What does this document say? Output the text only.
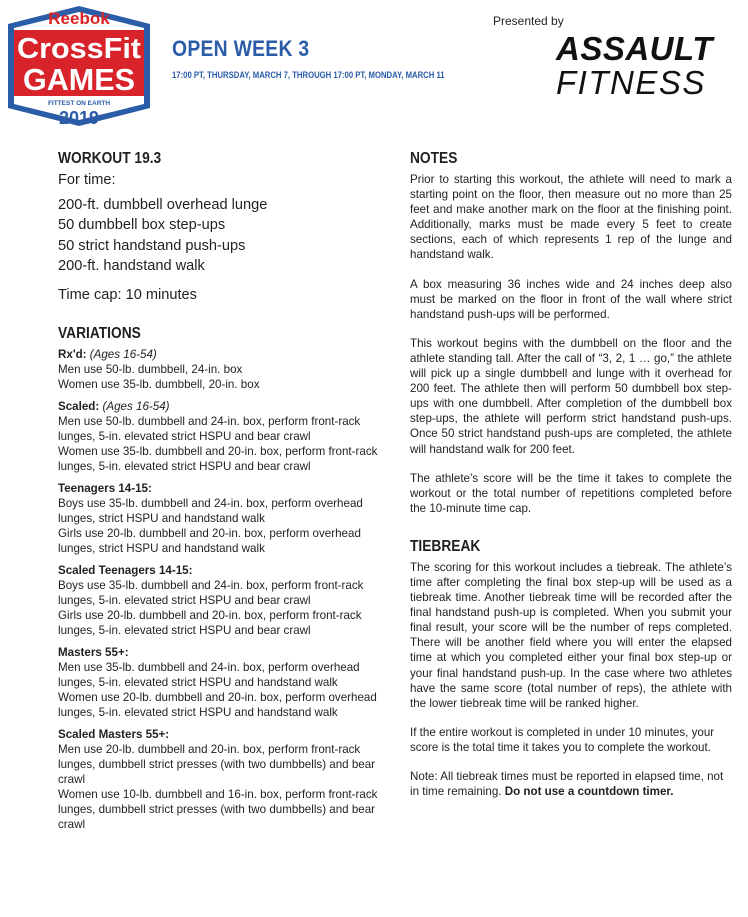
Reebok
CrossFit
GAMES
FITTEST ON EARTH
2019
OPEN WEEK 3
17:00 PT, THURSDAY, MARCH 7, THROUGH 17:00 PT, MONDAY, MARCH 11
Presented by
ASSAULT
FITNESS
WORKOUT 19.3
For time:
200-ft. dumbbell overhead lunge
50 dumbbell box step-ups
50 strict handstand push-ups
200-ft. handstand walk
Time cap: 10 minutes
VARIATIONS
Rx'd: (Ages 16-54)
Men use 50-lb. dumbbell, 24-in. box
Women use 35-lb. dumbbell, 20-in. box
Scaled: (Ages 16-54)
Men use 50-lb. dumbbell and 24-in. box, perform front-rack lunges, 5-in. elevated strict HSPU and bear crawl
Women use 35-lb. dumbbell and 20-in. box, perform front-rack lunges, 5-in. elevated strict HSPU and bear crawl
Teenagers 14-15:
Boys use 35-lb. dumbbell and 24-in. box, perform overhead lunges, strict HSPU and handstand walk
Girls use 20-lb. dumbbell and 20-in. box, perform overhead lunges, strict HSPU and handstand walk
Scaled Teenagers 14-15:
Boys use 35-lb. dumbbell and 24-in. box, perform front-rack lunges, 5-in. elevated strict HSPU and bear crawl
Girls use 20-lb. dumbbell and 20-in. box, perform front-rack lunges, 5-in. elevated strict HSPU and bear crawl
Masters 55+:
Men use 35-lb. dumbbell and 24-in. box, perform overhead lunges, 5-in. elevated strict HSPU and handstand walk
Women use 20-lb. dumbbell and 20-in. box, perform overhead lunges, 5-in. elevated strict HSPU and handstand walk
Scaled Masters 55+:
Men use 20-lb. dumbbell and 20-in. box, perform front-rack lunges, dumbbell strict presses (with two dumbbells) and bear crawl
Women use 10-lb. dumbbell and 16-in. box, perform front-rack lunges, dumbbell strict presses (with two dumbbells) and bear crawl
NOTES

Prior to starting this workout, the athlete will need to mark a starting point on the floor, then measure out no more than 25 feet and make another mark on the floor at the finishing point. Additionally, marks must be made every 5 feet to create sections, each of which represents 1 rep of the lunge and handstand walk.

A box measuring 36 inches wide and 24 inches deep also must be marked on the floor in front of the wall where strict handstand push-ups will be performed.

This workout begins with the dumbbell on the floor and the athlete standing tall. After the call of “3, 2, 1 … go,” the athlete will pick up a single dumbbell and lunge with it overhead for 200 feet. The athlete then will perform 50 dumbbell box step-ups with one dumbbell. After completion of the dumbbell box step-ups, the athlete will perform strict handstand push-ups. Once 50 strict handstand push-ups are completed, the athlete will handstand walk for 200 feet.

The athlete’s score will be the time it takes to complete the workout or the total number of repetitions completed before the 10-minute time cap.

TIEBREAK

The scoring for this workout includes a tiebreak. The athlete’s time after completing the final box step-up will be used as a tiebreak time. Another tiebreak time will be recorded after the final handstand push-up is completed. When you submit your final result, your score will be the number of reps completed. There will be another field where you will enter the elapsed time at which you completed either your final box step-up or your final handstand push-up. In the case where two athletes have the same score (total number of reps), the athlete with the lower tiebreak time will be ranked higher.

If the entire workout is completed in under 10 minutes, your score is the total time it takes you to complete the workout.

Note: All tiebreak times must be reported in elapsed time, not in time remaining. Do not use a countdown timer.
